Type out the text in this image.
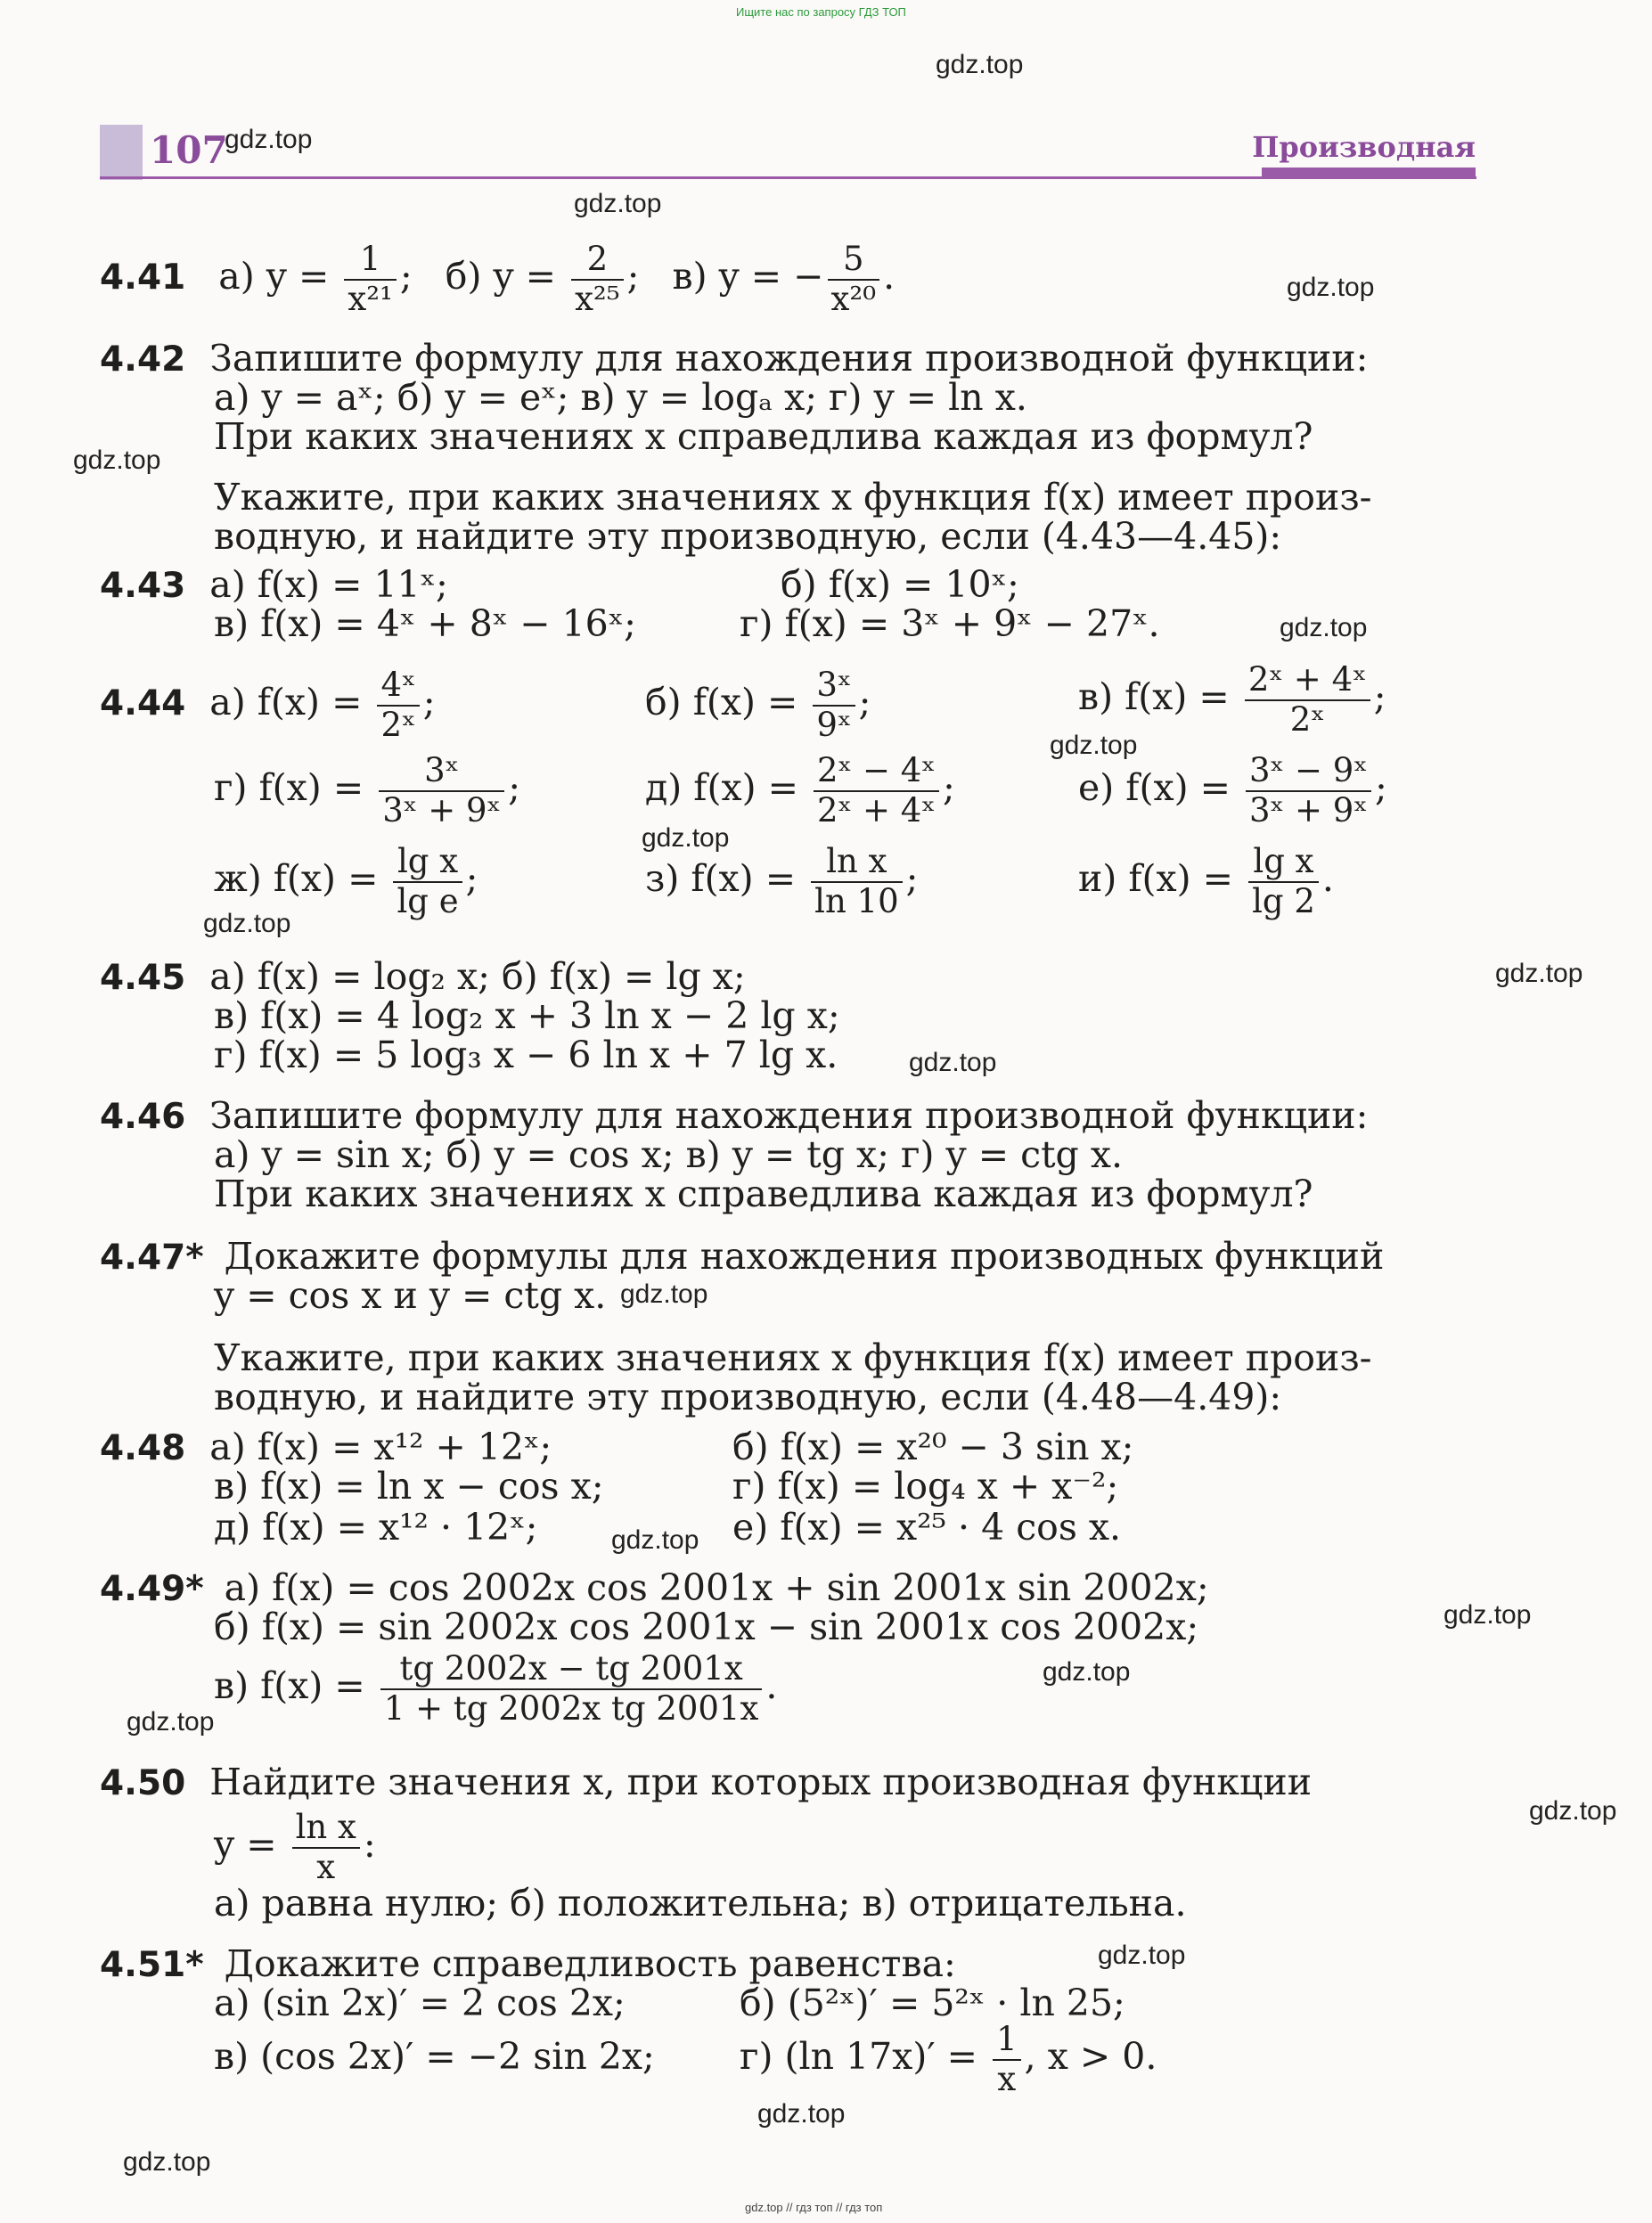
Ищите нас по запросу ГДЗ ТОП
gdz.top // гдз топ // гдз топ
107	Производная
4.41 а) $y = \frac{1}{\text{x²¹}}$ ; б) $y = \frac{2}{\text{x²⁵}}$ ; в) y = − $\frac{5}{\text{x²⁰}}$ .
4.42 Запишите формулу для нахождения производной функции:
а) y = aˣ; б) y = eˣ; в) y = logₐ x; г) y = ln x.
При каких значениях x справедлива каждая из формул?
Укажите, при каких значениях x функция f(x) имеет произ-
водную, и найдите эту производную, если (4.43—4.45):
4.43 а) f(x) = 11ˣ;	б) f(x) = 10ˣ;
в) f(x) = 4ˣ + 8ˣ − 16ˣ;	г) f(x) = 3ˣ + 9ˣ − 27ˣ.
4.44 а) $f(x) = \frac{\text{4ˣ}}{\text{2ˣ}}$ ;	б) $f(x) = \frac{\text{3ˣ}}{\text{9ˣ}}$ ;	в) $f(x) = \frac{\text{2ˣ + 4ˣ}}{\text{2ˣ}}$ ;
г) $f(x) = \frac{\text{3ˣ}}{\text{3ˣ + 9ˣ}}$ ;	д) $f(x) = \frac{\text{2ˣ − 4ˣ}}{\text{2ˣ + 4ˣ}}$ ;	е) $f(x) = \frac{\text{3ˣ − 9ˣ}}{\text{3ˣ + 9ˣ}}$ ;
ж) $f(x) = \frac{\text{lg x}}{\text{lg e}}$ ;	з) $f(x) = \frac{\text{ln x}}{\ln 10}$ ;	и) $f(x) = \frac{\text{lg x}}{\lg 2}$ .
4.45 а) f(x) = log₂ x; б) f(x) = lg x;
в) f(x) = 4 log₂ x + 3 ln x − 2 lg x;
г) f(x) = 5 log₃ x − 6 ln x + 7 lg x.
4.46 Запишите формулу для нахождения производной функции:
а) y = sin x; б) y = cos x; в) y = tg x; г) y = ctg x.
При каких значениях x справедлива каждая из формул?
4.47* Докажите формулы для нахождения производных функций
y = cos x и y = ctg x.
Укажите, при каких значениях x функция f(x) имеет произ-
водную, и найдите эту производную, если (4.48—4.49):
4.48 а) f(x) = x¹² + 12ˣ;	б) f(x) = x²⁰ − 3 sin x;
в) f(x) = ln x − cos x;	г) f(x) = log₄ x + x⁻²;
д) f(x) = x¹² · 12ˣ;	е) f(x) = x²⁵ · 4 cos x.
4.49* а) f(x) = cos 2002x cos 2001x + sin 2001x sin 2002x;
б) f(x) = sin 2002x cos 2001x − sin 2001x cos 2002x;
в) $f(x) = \frac{tg 2002x - tg 2001x}{\text{1 + tg 2002x tg 2001x}}$ .
4.50 Найдите значения x, при которых производная функции
$y = \frac{\text{ln x}}{x}$ :
а) равна нулю; б) положительна; в) отрицательна.
4.51* Докажите справедливость равенства:
а) (sin 2x)′ = 2 cos 2x;	б) (5²ˣ)′ = 5²ˣ · ln 25;
в) (cos 2x)′ = −2 sin 2x; г) (ln $17x)' = \frac{1}{x}$ , x > 0.
gdz.top
gdz.top
gdz.top
gdz.top
gdz.top
gdz.top
gdz.top
gdz.top
gdz.top
gdz.top
gdz.top
gdz.top
gdz.top
gdz.top
gdz.top
gdz.top
gdz.top
gdz.top
gdz.top
gdz.top
